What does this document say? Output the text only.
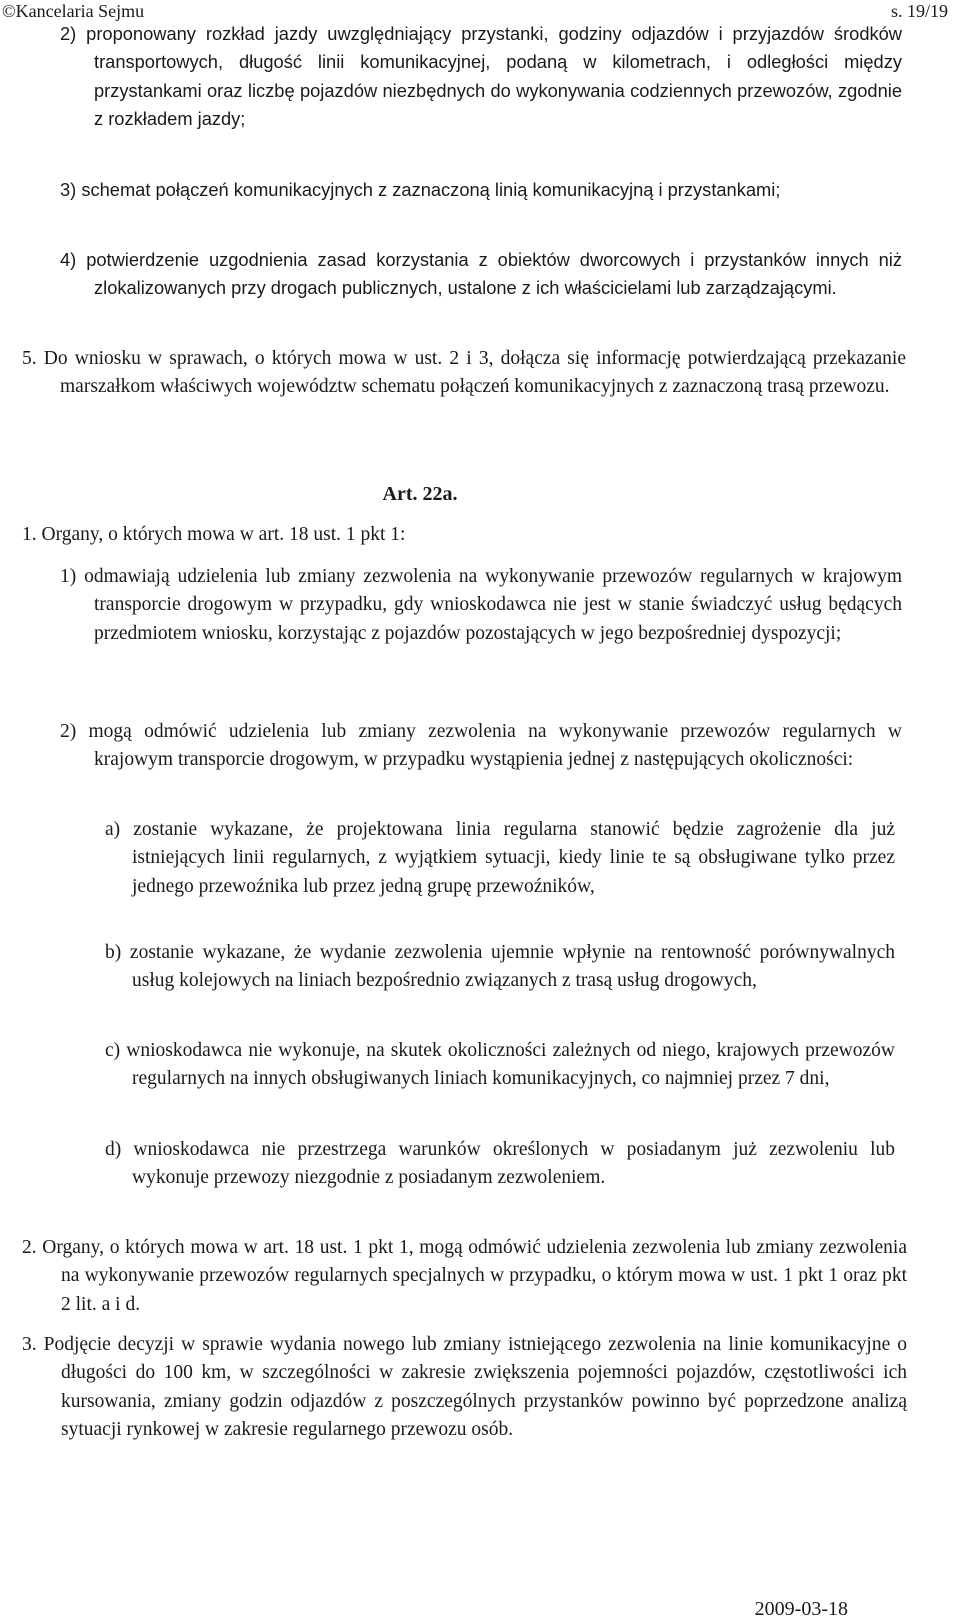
©Kancelaria Sejmu	s. 19/19
2) proponowany rozkład jazdy uwzględniający przystanki, godziny odjazdów i przyjazdów środków transportowych, długość linii komunikacyjnej, podaną w kilometrach, i odległości między przystankami oraz liczbę pojazdów niezbędnych do wykonywania codziennych przewozów, zgodnie z rozkładem jazdy;
3) schemat połączeń komunikacyjnych z zaznaczoną linią komunikacyjną i przystankami;
4) potwierdzenie uzgodnienia zasad korzystania z obiektów dworcowych i przystanków innych niż zlokalizowanych przy drogach publicznych, ustalone z ich właścicielami lub zarządzającymi.
5. Do wniosku w sprawach, o których mowa w ust. 2 i 3, dołącza się informację potwierdzającą przekazanie marszałkom właściwych województw schematu połączeń komunikacyjnych z zaznaczoną trasą przewozu.
Art. 22a.
1. Organy, o których mowa w art. 18 ust. 1 pkt 1:
1) odmawiają udzielenia lub zmiany zezwolenia na wykonywanie przewozów regularnych w krajowym transporcie drogowym w przypadku, gdy wnioskodawca nie jest w stanie świadczyć usług będących przedmiotem wniosku, korzystając z pojazdów pozostających w jego bezpośredniej dyspozycji;
2) mogą odmówić udzielenia lub zmiany zezwolenia na wykonywanie przewozów regularnych w krajowym transporcie drogowym, w przypadku wystąpienia jednej z następujących okoliczności:
a) zostanie wykazane, że projektowana linia regularna stanowić będzie zagrożenie dla już istniejących linii regularnych, z wyjątkiem sytuacji, kiedy linie te są obsługiwane tylko przez jednego przewoźnika lub przez jedną grupę przewoźników,
b) zostanie wykazane, że wydanie zezwolenia ujemnie wpłynie na rentowność porównywalnych usług kolejowych na liniach bezpośrednio związanych z trasą usług drogowych,
c) wnioskodawca nie wykonuje, na skutek okoliczności zależnych od niego, krajowych przewozów regularnych na innych obsługiwanych liniach komunikacyjnych, co najmniej przez 7 dni,
d) wnioskodawca nie przestrzega warunków określonych w posiadanym już zezwoleniu lub wykonuje przewozy niezgodnie z posiadanym zezwoleniem.
2. Organy, o których mowa w art. 18 ust. 1 pkt 1, mogą odmówić udzielenia zezwolenia lub zmiany zezwolenia na wykonywanie przewozów regularnych specjalnych w przypadku, o którym mowa w ust. 1 pkt 1 oraz pkt 2 lit. a i d.
3. Podjęcie decyzji w sprawie wydania nowego lub zmiany istniejącego zezwolenia na linie komunikacyjne o długości do 100 km, w szczególności w zakresie zwiększenia pojemności pojazdów, częstotliwości ich kursowania, zmiany godzin odjazdów z poszczególnych przystanków powinno być poprzedzone analizą sytuacji rynkowej w zakresie regularnego przewozu osób.
2009-03-18
